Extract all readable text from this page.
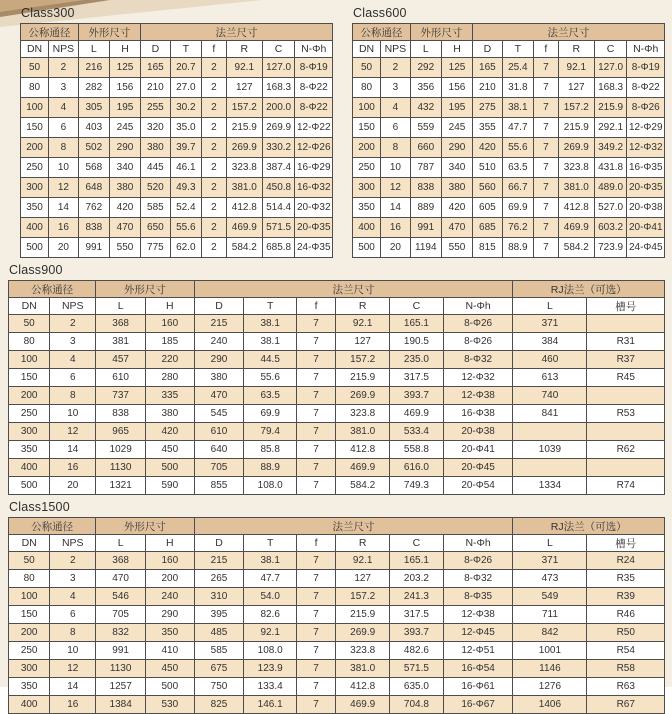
Class300
公称通径		外形尺寸		法兰尺寸					
DN	NPS	L	H	D	T	f	R	C	N-Φh
50	2	216	125	165	20.7	2	92.1	127.0	8-Φ19
80	3	282	156	210	27.0	2	127	168.3	8-Φ22
100	4	305	195	255	30.2	2	157.2	200.0	8-Φ22
150	6	403	245	320	35.0	2	215.9	269.9	12-Φ22
200	8	502	290	380	39.7	2	269.9	330.2	12-Φ26
250	10	568	340	445	46.1	2	323.8	387.4	16-Φ29
300	12	648	380	520	49.3	2	381.0	450.8	16-Φ32
350	14	762	420	585	52.4	2	412.8	514.4	20-Φ32
400	16	838	470	650	55.6	2	469.9	571.5	20-Φ35
500	20	991	550	775	62.0	2	584.2	685.8	24-Φ35
Class600
公称通径		外形尺寸		法兰尺寸					
DN	NPS	L	H	D	T	f	R	C	N-Φh
50	2	292	125	165	25.4	7	92.1	127.0	8-Φ19
80	3	356	156	210	31.8	7	127	168.3	8-Φ22
100	4	432	195	275	38.1	7	157.2	215.9	8-Φ26
150	6	559	245	355	47.7	7	215.9	292.1	12-Φ29
200	8	660	290	420	55.6	7	269.9	349.2	12-Φ32
250	10	787	340	510	63.5	7	323.8	431.8	16-Φ35
300	12	838	380	560	66.7	7	381.0	489.0	20-Φ35
350	14	889	420	605	69.9	7	412.8	527.0	20-Φ38
400	16	991	470	685	76.2	7	469.9	603.2	20-Φ41
500	20	1194	550	815	88.9	7	584.2	723.9	24-Φ45
Class900
公称通径		外形尺寸		法兰尺寸						RJ法兰（可选）	
DN	NPS	L	H	D	T	f	R	C	N-Φh	L	槽号
50	2	368	160	215	38.1	7	92.1	165.1	8-Φ26	371	
80	3	381	185	240	38.1	7	127	190.5	8-Φ26	384	R31
100	4	457	220	290	44.5	7	157.2	235.0	8-Φ32	460	R37
150	6	610	280	380	55.6	7	215.9	317.5	12-Φ32	613	R45
200	8	737	335	470	63.5	7	269.9	393.7	12-Φ38	740	
250	10	838	380	545	69.9	7	323.8	469.9	16-Φ38	841	R53
300	12	965	420	610	79.4	7	381.0	533.4	20-Φ38		
350	14	1029	450	640	85.8	7	412.8	558.8	20-Φ41	1039	R62
400	16	1130	500	705	88.9	7	469.9	616.0	20-Φ45		
500	20	1321	590	855	108.0	7	584.2	749.3	20-Φ54	1334	R74
Class1500
公称通径		外形尺寸		法兰尺寸						RJ法兰（可选）	
DN	NPS	L	H	D	T	f	R	C	N-Φh	L	槽号
50	2	368	160	215	38.1	7	92.1	165.1	8-Φ26	371	R24
80	3	470	200	265	47.7	7	127	203.2	8-Φ32	473	R35
100	4	546	240	310	54.0	7	157.2	241.3	8-Φ35	549	R39
150	6	705	290	395	82.6	7	215.9	317.5	12-Φ38	711	R46
200	8	832	350	485	92.1	7	269.9	393.7	12-Φ45	842	R50
250	10	991	410	585	108.0	7	323.8	482.6	12-Φ51	1001	R54
300	12	1130	450	675	123.9	7	381.0	571.5	16-Φ54	1146	R58
350	14	1257	500	750	133.4	7	412.8	635.0	16-Φ61	1276	R63
400	16	1384	530	825	146.1	7	469.9	704.8	16-Φ67	1406	R67
